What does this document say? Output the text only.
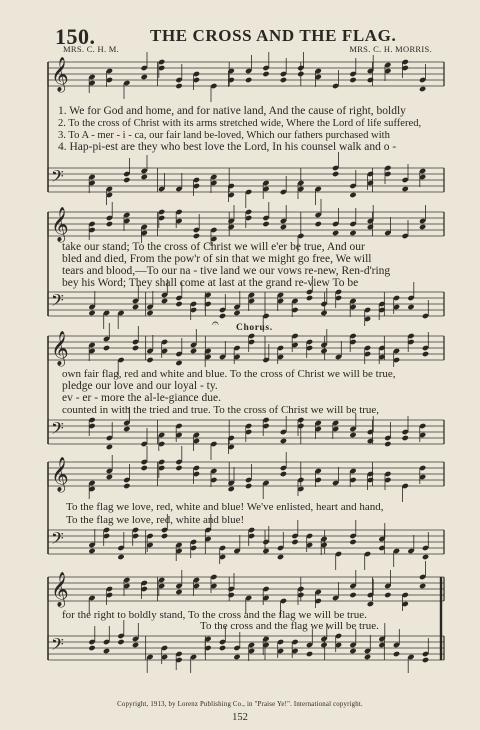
150.	THE CROSS AND THE FLAG.
MRS. C. H. M.	MRS. C. H. MORRIS.
𝄞
𝄢
𝄞
𝄢
𝄞
𝄢
𝄞
𝄢
𝄞
𝄢
1. We for God and home, and for native land, And the cause of right, boldly
2. To the cross of Christ with its arms stretched wide, Where the Lord of life suffered,
3. To A - mer - i - ca, our fair land be-loved, Which our fathers purchased with
4. Hap-pi-est are they who best love the Lord, In his counsel walk and o -
take our stand; To the cross of Christ we will e'er be true, And our
bled and died, From the pow'r of sin that we might go free, We will
tears and blood,—To our na - tive land we our vows re-new, Ren-d'ring
bey his Word; They shall come at last at the grand re-view To be
𝄐 Chorus.
own fair flag, red and white and blue. To the cross of Christ we will be true,
pledge our love and our loyal - ty.
ev - er - more the al-le-giance due.
counted in with the tried and true. To the cross of Christ we will be true,
To the flag we love, red, white and blue! We've enlisted, heart and hand,
To the flag we love, red, white and blue!
for the right to boldly stand, To the cross and the flag we will be true.
To the cross and the flag we will be true.
Copyright, 1913, by Lorenz Publishing Co., in "Praise Ye!". International copyright.
152
